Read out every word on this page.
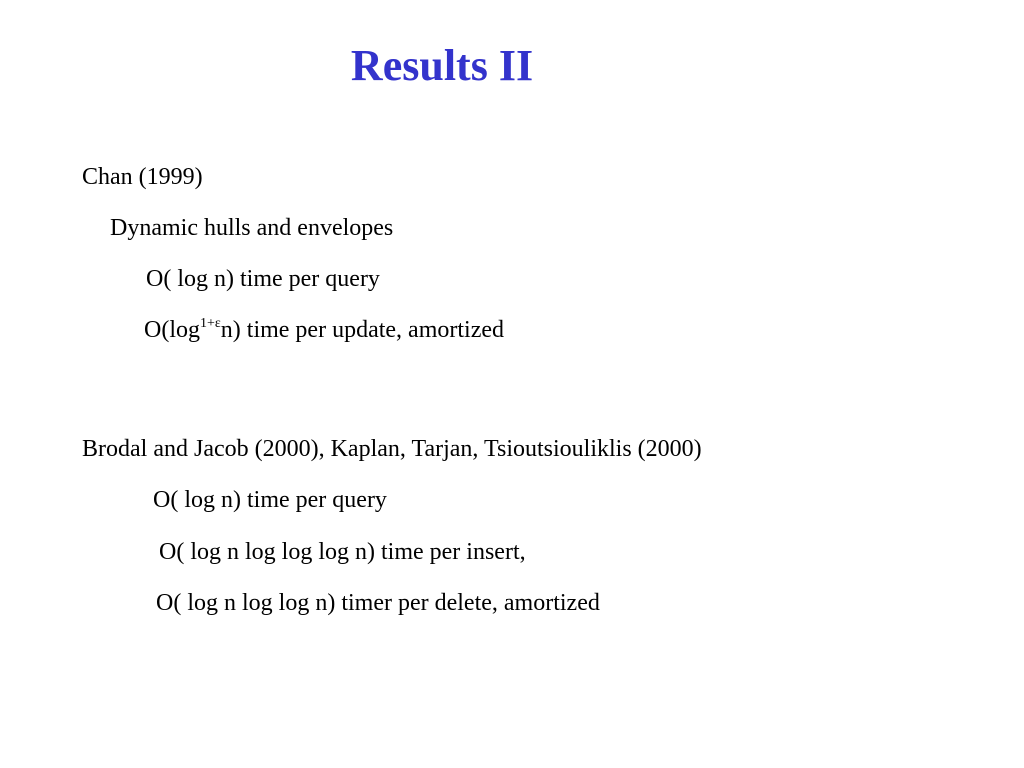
Results II
Chan (1999)
Dynamic hulls and envelopes
O( log n) time per query
$O(\log^{1+\varepsilon}n)$ time per update, amortized
Brodal and Jacob (2000), Kaplan, Tarjan, Tsioutsiouliklis (2000)
O( log n) time per query
O( log n log log log n) time per insert,
O( log n log log n) timer per delete, amortized
